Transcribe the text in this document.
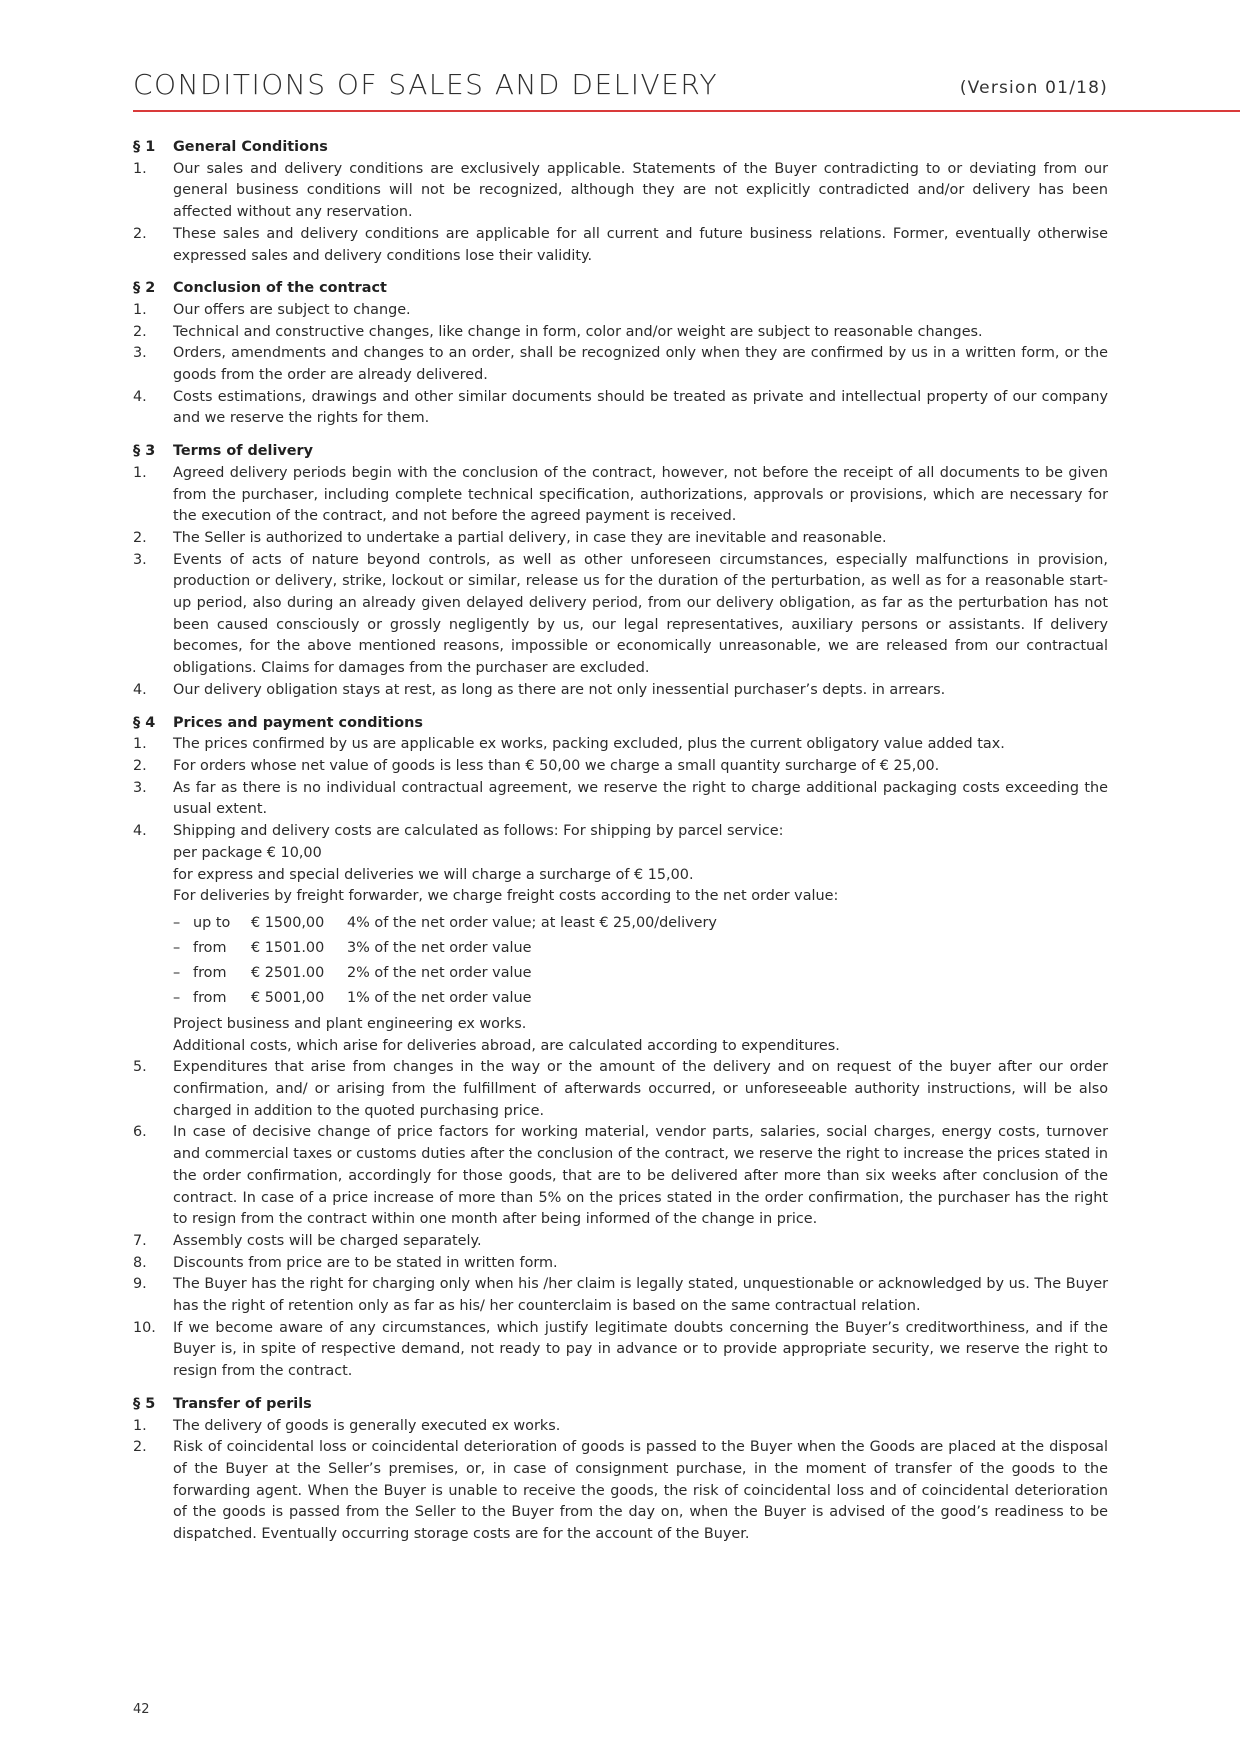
CONDITIONS OF SALES AND DELIVERY	(Version 01/18)
§ 1	General Conditions
1.	Our sales and delivery conditions are exclusively applicable. Statements of the Buyer contradicting to or deviating from our general business conditions will not be recognized, although they are not explicitly contradicted and/or delivery has been affected without any reservation.
2.	These sales and delivery conditions are applicable for all current and future business relations. Former, eventually otherwise expressed sales and delivery conditions lose their validity.
§ 2	Conclusion of the contract
1.	Our offers are subject to change.
2.	Technical and constructive changes, like change in form, color and/or weight are subject to reasonable changes.
3.	Orders, amendments and changes to an order, shall be recognized only when they are confirmed by us in a written form, or the goods from the order are already delivered.
4.	Costs estimations, drawings and other similar documents should be treated as private and intellectual property of our company and we reserve the rights for them.
§ 3	Terms of delivery
1.	Agreed delivery periods begin with the conclusion of the contract, however, not before the receipt of all documents to be given from the purchaser, including complete technical specification, authorizations, approvals or provisions, which are necessary for the execution of the contract, and not before the agreed payment is received.
2.	The Seller is authorized to undertake a partial delivery, in case they are inevitable and reasonable.
3.	Events of acts of nature beyond controls, as well as other unforeseen circumstances, especially malfunctions in provision, production or delivery, strike, lockout or similar, release us for the duration of the perturbation, as well as for a reasonable start-up period, also during an already given delayed delivery period, from our delivery obligation, as far as the perturbation has not been caused consciously or grossly negligently by us, our legal representatives, auxiliary persons or assistants. If delivery becomes, for the above mentioned reasons, impossible or economically unreasonable, we are released from our contractual obligations. Claims for damages from the purchaser are excluded.
4.	Our delivery obligation stays at rest, as long as there are not only inessential purchaser’s depts. in arrears.
§ 4	Prices and payment conditions
1.	The prices confirmed by us are applicable ex works, packing excluded, plus the current obligatory value added tax.
2.	For orders whose net value of goods is less than € 50,00 we charge a small quantity surcharge of € 25,00.
3.	As far as there is no individual contractual agreement, we reserve the right to charge additional packaging costs exceeding the usual extent.
4.	Shipping and delivery costs are calculated as follows: For shipping by parcel service:

per package € 10,00

for express and special deliveries we will charge a surcharge of € 15,00.

For deliveries by freight forwarder, we charge freight costs according to the net order value:

–	up to	€ 1500,00	4% of the net order value; at least € 25,00/delivery
–	from	€ 1501.00	3% of the net order value
–	from	€ 2501.00	2% of the net order value
–	from	€ 5001,00	1% of the net order value

Project business and plant engineering ex works.

Additional costs, which arise for deliveries abroad, are calculated according to expenditures.

5.	Expenditures that arise from changes in the way or the amount of the delivery and on request of the buyer after our order confirmation, and/ or arising from the fulfillment of afterwards occurred, or unforeseeable authority instructions, will be also charged in addition to the quoted purchasing price.
6.	In case of decisive change of price factors for working material, vendor parts, salaries, social charges, energy costs, turnover and commercial taxes or customs duties after the conclusion of the contract, we reserve the right to increase the prices stated in the order confirmation, accordingly for those goods, that are to be delivered after more than six weeks after conclusion of the contract. In case of a price increase of more than 5% on the prices stated in the order confirmation, the purchaser has the right to resign from the contract within one month after being informed of the change in price.
7.	Assembly costs will be charged separately.
8.	Discounts from price are to be stated in written form.
9.	The Buyer has the right for charging only when his /her claim is legally stated, unquestionable or acknowledged by us. The Buyer has the right of retention only as far as his/ her counterclaim is based on the same contractual relation.
10.	If we become aware of any circumstances, which justify legitimate doubts concerning the Buyer’s creditworthiness, and if the Buyer is, in spite of respective demand, not ready to pay in advance or to provide appropriate security, we reserve the right to resign from the contract.
§ 5	Transfer of perils
1.	The delivery of goods is generally executed ex works.
2.	Risk of coincidental loss or coincidental deterioration of goods is passed to the Buyer when the Goods are placed at the disposal of the Buyer at the Seller’s premises, or, in case of consignment purchase, in the moment of transfer of the goods to the forwarding agent. When the Buyer is unable to receive the goods, the risk of coincidental loss and of coincidental deterioration of the goods is passed from the Seller to the Buyer from the day on, when the Buyer is advised of the good’s readiness to be dispatched. Eventually occurring storage costs are for the account of the Buyer.
42
